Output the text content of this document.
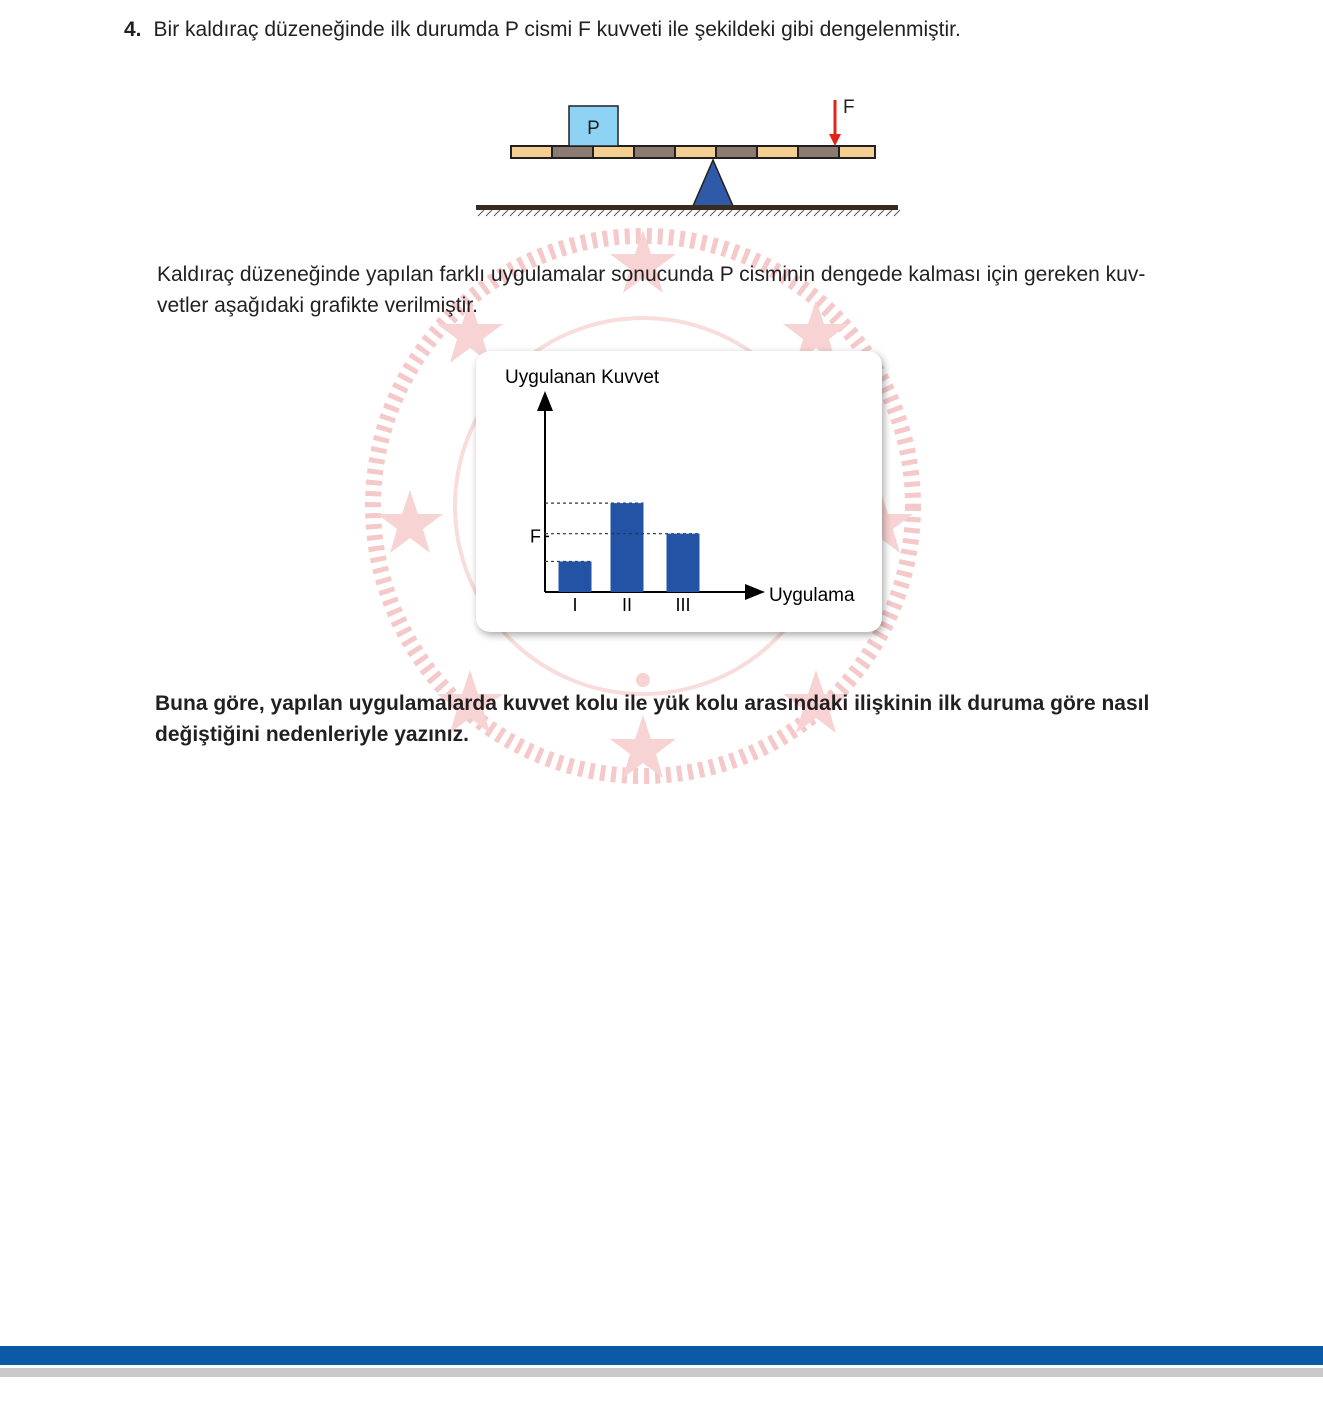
4. Bir kaldıraç düzeneğinde ilk durumda P cismi F kuvveti ile şekildeki gibi dengelenmiştir.
P
F

Kaldıraç düzeneğinde yapılan farklı uygulamalar sonucunda P cisminin dengede kalması için gereken kuv-

vetler aşağıdaki grafikte verilmiştir.

I II III
F
Uygulanan Kuvvet
Uygulama

Buna göre, yapılan uygulamalarda kuvvet kolu ile yük kolu arasındaki ilişkinin ilk duruma göre nasıl

değiştiğini nedenleriyle yazınız.
